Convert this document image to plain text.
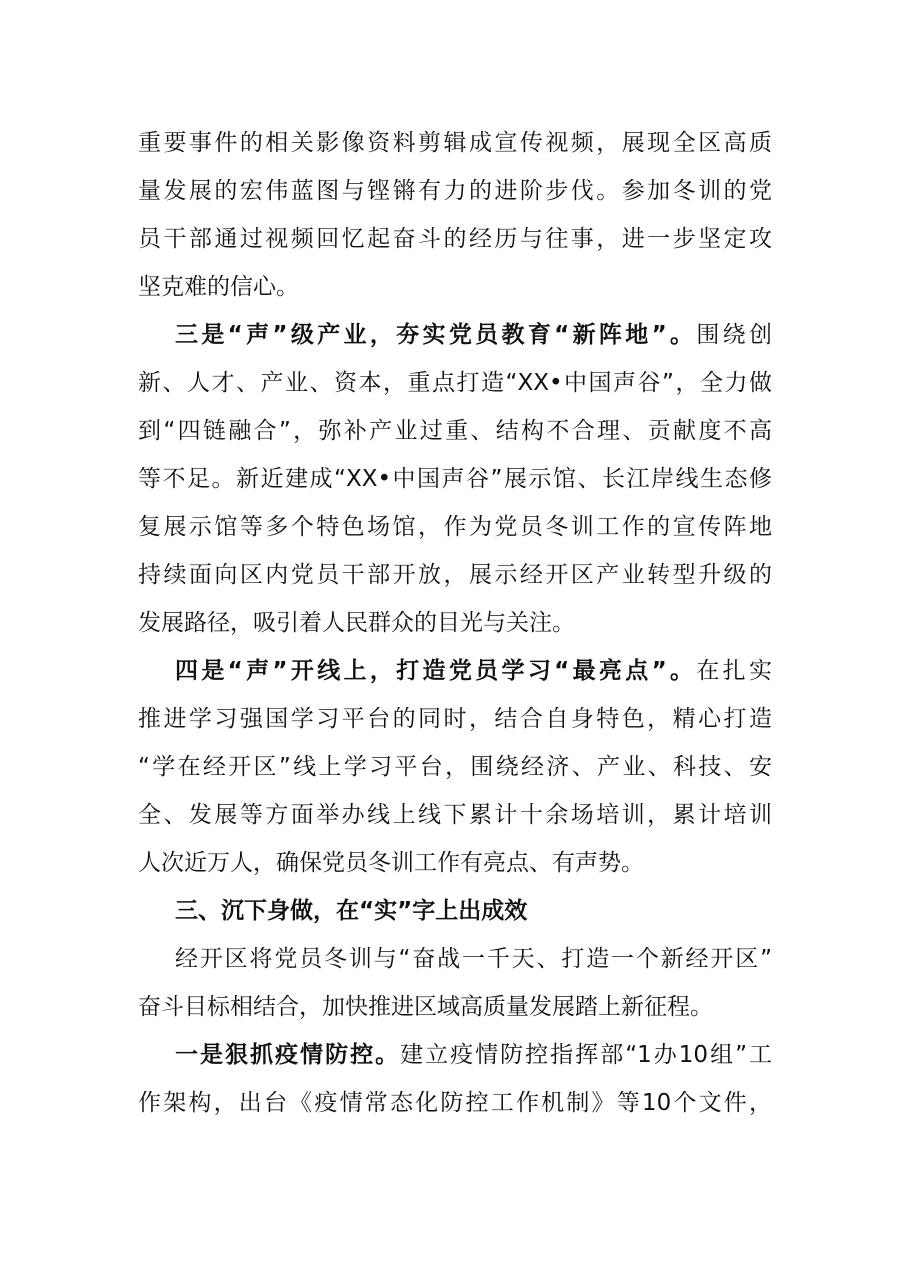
重要事件的相关影像资料剪辑成宣传视频，展现全区高质
量发展的宏伟蓝图与铿锵有力的进阶步伐。参加冬训的党
员干部通过视频回忆起奋斗的经历与往事，进一步坚定攻
坚克难的信心。
三是“声”级产业，夯实党员教育“新阵地”。围绕创
新、人才、产业、资本，重点打造“XX•中国声谷”，全力做
到“四链融合”，弥补产业过重、结构不合理、贡献度不高
等不足。新近建成“XX•中国声谷”展示馆、长江岸线生态修
复展示馆等多个特色场馆，作为党员冬训工作的宣传阵地
持续面向区内党员干部开放，展示经开区产业转型升级的
发展路径，吸引着人民群众的目光与关注。
四是“声”开线上，打造党员学习“最亮点”。在扎实
推进学习强国学习平台的同时，结合自身特色，精心打造
“学在经开区”线上学习平台，围绕经济、产业、科技、安
全、发展等方面举办线上线下累计十余场培训，累计培训
人次近万人，确保党员冬训工作有亮点、有声势。
三、沉下身做，在“实”字上出成效
经开区将党员冬训与“奋战一千天、打造一个新经开区”
奋斗目标相结合，加快推进区域高质量发展踏上新征程。
一是狠抓疫情防控。建立疫情防控指挥部“1办10组”工
作架构，出台《疫情常态化防控工作机制》等10个文件，
